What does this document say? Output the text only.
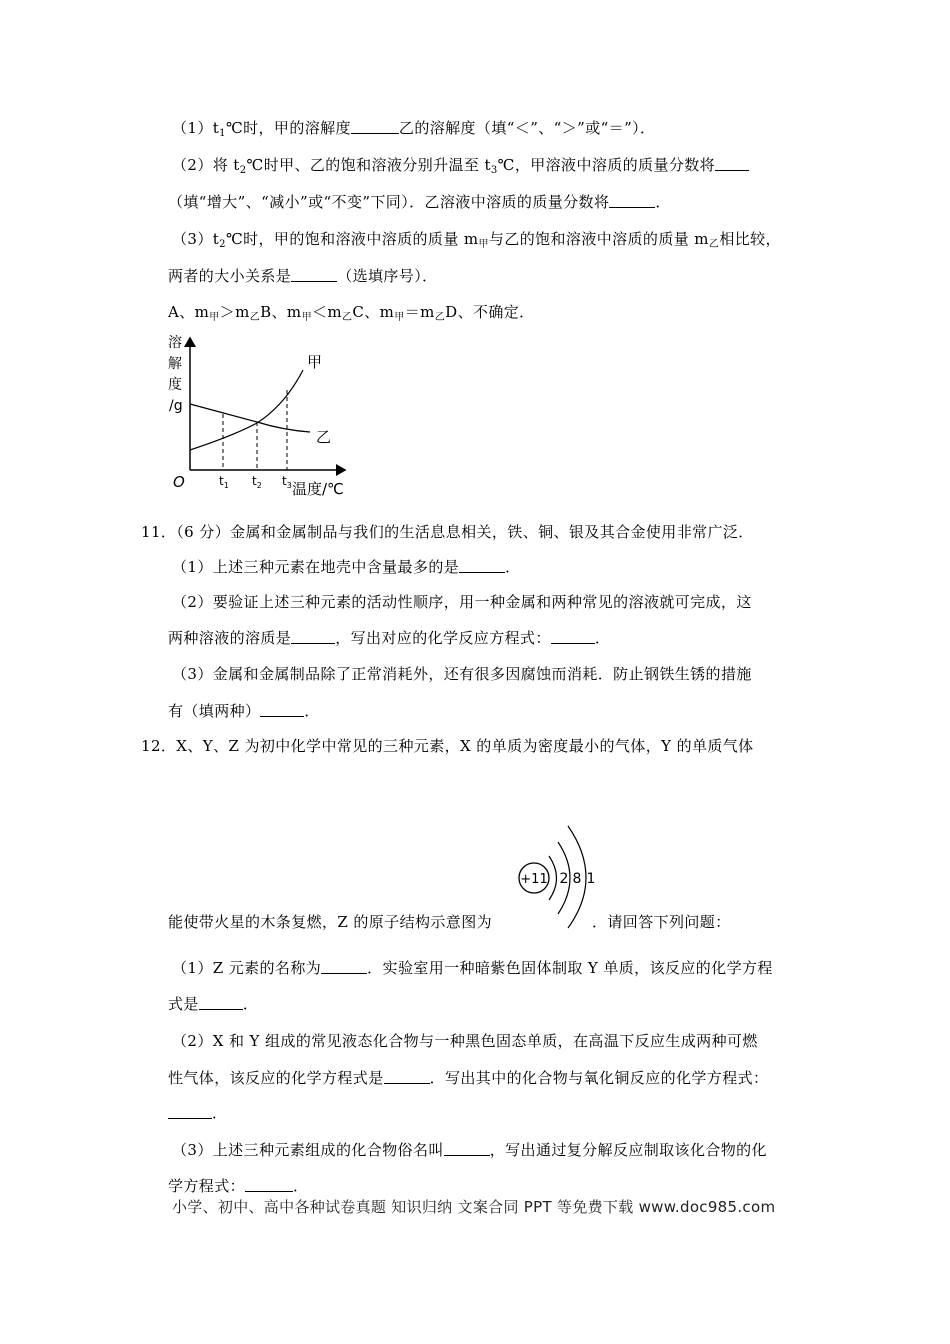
$(1)t_1℃$时，甲的溶解度	乙的溶解度（填“＜”、“＞”或“＝”）．
（2）将 $t_2℃$时甲、乙的饱和溶液分别升温至 $t_3℃$，甲溶液中溶质的质量分数将
（填“增大”、“减小”或“不变”下同）．乙溶液中溶质的质量分数将	．
$(3)t_2℃$时，甲的饱和溶液中溶质的质量 $m_甲$与乙的饱和溶液中溶质的质量 $m_乙$相比较，
两者的大小关系是	（选填序号）．
A、$m_甲>m_乙B$、$m_甲<m_乙C$、$m_甲=m_乙D$、不确定．
溶
解
度
/g
O	$t_1$ $t_2$ $t_3$ 温度/℃
甲
乙
11．（6 分）金属和金属制品与我们的生活息息相关，铁、铜、银及其合金使用非常广泛．
（1）上述三种元素在地壳中含量最多的是	．
（2）要验证上述三种元素的活动性顺序，用一种金属和两种常见的溶液就可完成，这
两种溶液的溶质是	，写出对应的化学反应方程式：	．
（3）金属和金属制品除了正常消耗外，还有很多因腐蚀而消耗．防止钢铁生锈的措施
有（填两种）	．
12．X、Y、Z 为初中化学中常见的三种元素，X 的单质为密度最小的气体，Y 的单质气体
+11 2 8 1
能使带火星的木条复燃，Z 的原子结构示意图为	．请回答下列问题：
（1）Z 元素的名称为	．实验室用一种暗紫色固体制取 Y 单质，该反应的化学方程
式是	．
（2）X 和 Y 组成的常见液态化合物与一种黑色固态单质，在高温下反应生成两种可燃
性气体，该反应的化学方程式是	．写出其中的化合物与氧化铜反应的化学方程式：
．
（3）上述三种元素组成的化合物俗名叫	，写出通过复分解反应制取该化合物的化
学方程式：	．
小学、初中、高中各种试卷真题 知识归纳 文案合同 PPT 等免费下载 www.doc985.com
